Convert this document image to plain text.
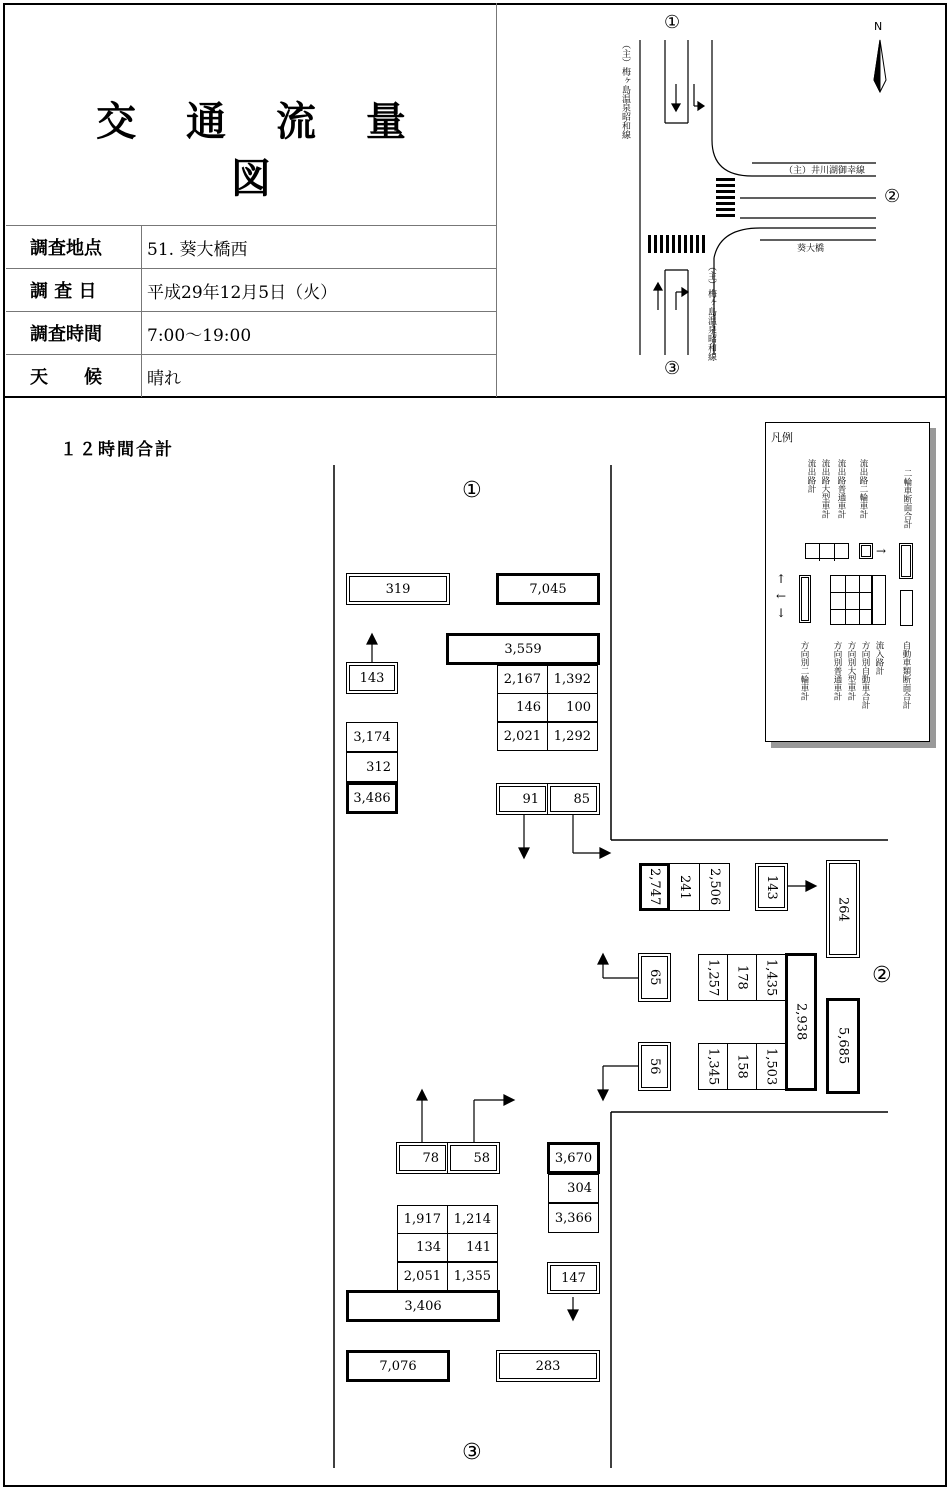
交 通 流 量 図
調査地点	51. 葵大橋西
調 査 日	平成29年12月5日（火）
調査時間	7:00～19:00
天　　候	晴れ
N
①
②
③
（主）梅ヶ島温泉昭和線
（主）梅ヶ島温泉昭和線
（主）井川湖御幸線
葵大橋
１２時間合計
①
②
③
319	7,045
3,559
2,167 1,392
146	100
2,021 1,292
91	85
143
3,174
312
3,486
2,747	241	2,506	143
264
65
56
1,257	178	1,435
1,345	158	1,503
2,938
5,685
78	58
1,917 1,214
134	141
2,051 1,355
3,406
7,076	283
3,670
304
3,366
147
凡例
流出路計 流出路大型車計 流出路普通車計 流出路二輪車計	二輪車断面合計
→
↑
←
↓
方向別二輪車計	方向別普通車計 方向別大型車計 方向別自動車合計 流入路計 自動車類断面合計
